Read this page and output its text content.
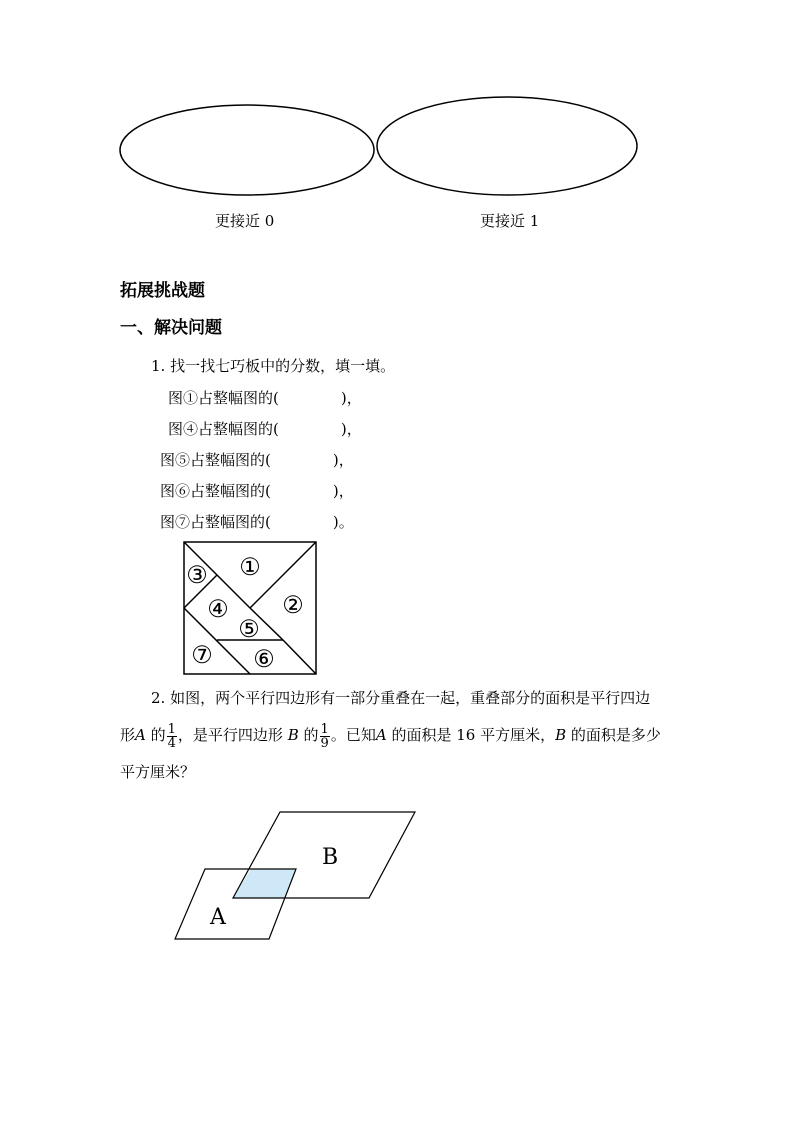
更接近 0	更接近 1
拓展挑战题
一、解决问题
1. 找一找七巧板中的分数，填一填。
图①占整幅图的(	)，
图④占整幅图的(	)，
图⑤占整幅图的(	)，
图⑥占整幅图的(	)，
图⑦占整幅图的(	)。
①
②
③
④
⑤
⑥
⑦
2. 如图，两个平行四边形有一部分重叠在一起，重叠部分的面积是平行四边
形A 的 $\frac{1}{4}$ ，是平行四边形 B 的 $\frac{1}{9}$ 。已知A 的面积是 16 平方厘米，B 的面积是多少
平方厘米？
A
B
